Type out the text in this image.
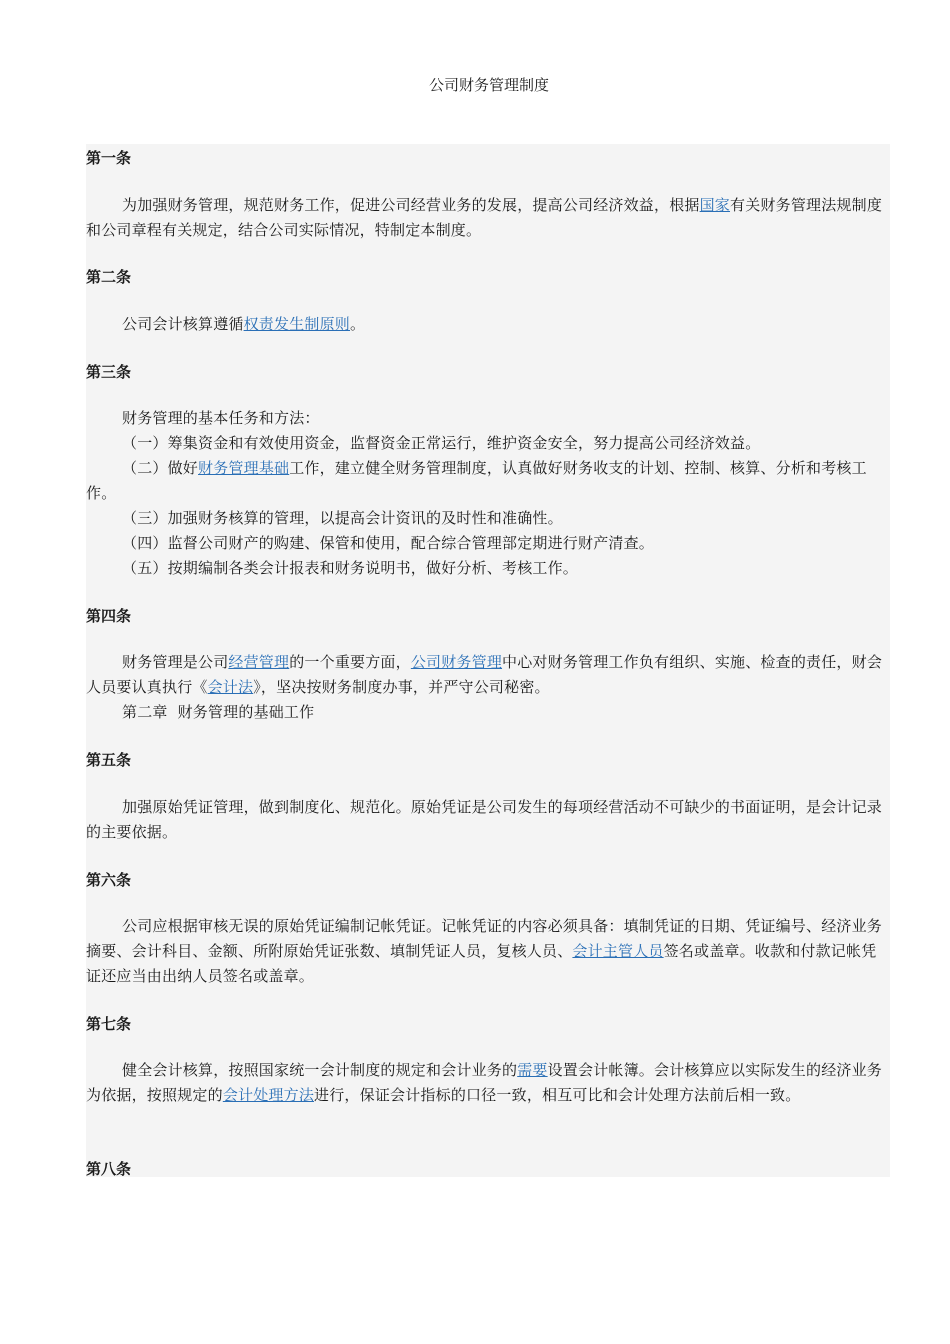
公司财务管理制度
第一条

为加强财务管理，规范财务工作，促进公司经营业务的发展，提高公司经济效益，根据国家有关财务管理法规制度和公司章程有关规定，结合公司实际情况，特制定本制度。

第二条

公司会计核算遵循权责发生制原则。

第三条

财务管理的基本任务和方法：

（一）筹集资金和有效使用资金，监督资金正常运行，维护资金安全，努力提高公司经济效益。

（二）做好财务管理基础工作，建立健全财务管理制度，认真做好财务收支的计划、控制、核算、分析和考核工作。

（三）加强财务核算的管理，以提高会计资讯的及时性和准确性。

（四）监督公司财产的购建、保管和使用，配合综合管理部定期进行财产清查。

（五）按期编制各类会计报表和财务说明书，做好分析、考核工作。

第四条

财务管理是公司经营管理的一个重要方面，公司财务管理中心对财务管理工作负有组织、实施、检查的责任，财会人员要认真执行《会计法》，坚决按财务制度办事，并严守公司秘密。

第二章  财务管理的基础工作

第五条

加强原始凭证管理，做到制度化、规范化。原始凭证是公司发生的每项经营活动不可缺少的书面证明，是会计记录的主要依据。

第六条

公司应根据审核无误的原始凭证编制记帐凭证。记帐凭证的内容必须具备：填制凭证的日期、凭证编号、经济业务摘要、会计科目、金额、所附原始凭证张数、填制凭证人员，复核人员、会计主管人员签名或盖章。收款和付款记帐凭证还应当由出纳人员签名或盖章。

第七条

健全会计核算，按照国家统一会计制度的规定和会计业务的需要设置会计帐簿。会计核算应以实际发生的经济业务为依据，按照规定的会计处理方法进行，保证会计指标的口径一致，相互可比和会计处理方法前后相一致。

第八条
